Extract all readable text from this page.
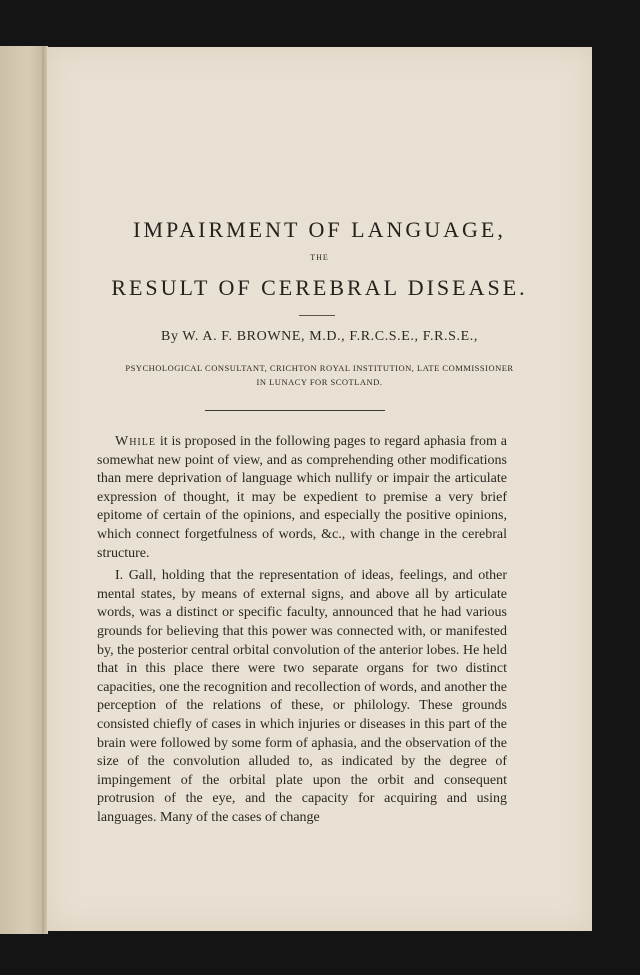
IMPAIRMENT OF LANGUAGE,
THE
RESULT OF CEREBRAL DISEASE.
By W. A. F. BROWNE, M.D., F.R.C.S.E., F.R.S.E.,
PSYCHOLOGICAL CONSULTANT, CRICHTON ROYAL INSTITUTION, LATE COMMISSIONER
IN LUNACY FOR SCOTLAND.

While it is proposed in the following pages to regard aphasia from a somewhat new point of view, and as comprehending other modifications than mere deprivation of language which nullify or impair the articulate expression of thought, it may be expedient to premise a very brief epitome of certain of the opinions, and especially the positive opinions, which connect forgetfulness of words, &c., with change in the cerebral structure.

I. Gall, holding that the representation of ideas, feelings, and other mental states, by means of external signs, and above all by articulate words, was a distinct or specific faculty, announced that he had various grounds for believing that this power was connected with, or manifested by, the posterior central orbital convolution of the anterior lobes. He held that in this place there were two separate organs for two distinct capacities, one the recognition and recollection of words, and another the perception of the relations of these, or philology. These grounds consisted chiefly of cases in which injuries or diseases in this part of the brain were followed by some form of aphasia, and the observation of the size of the convolution alluded to, as indicated by the degree of impingement of the orbital plate upon the orbit and consequent protrusion of the eye, and the capacity for acquiring and using languages. Many of the cases of change
